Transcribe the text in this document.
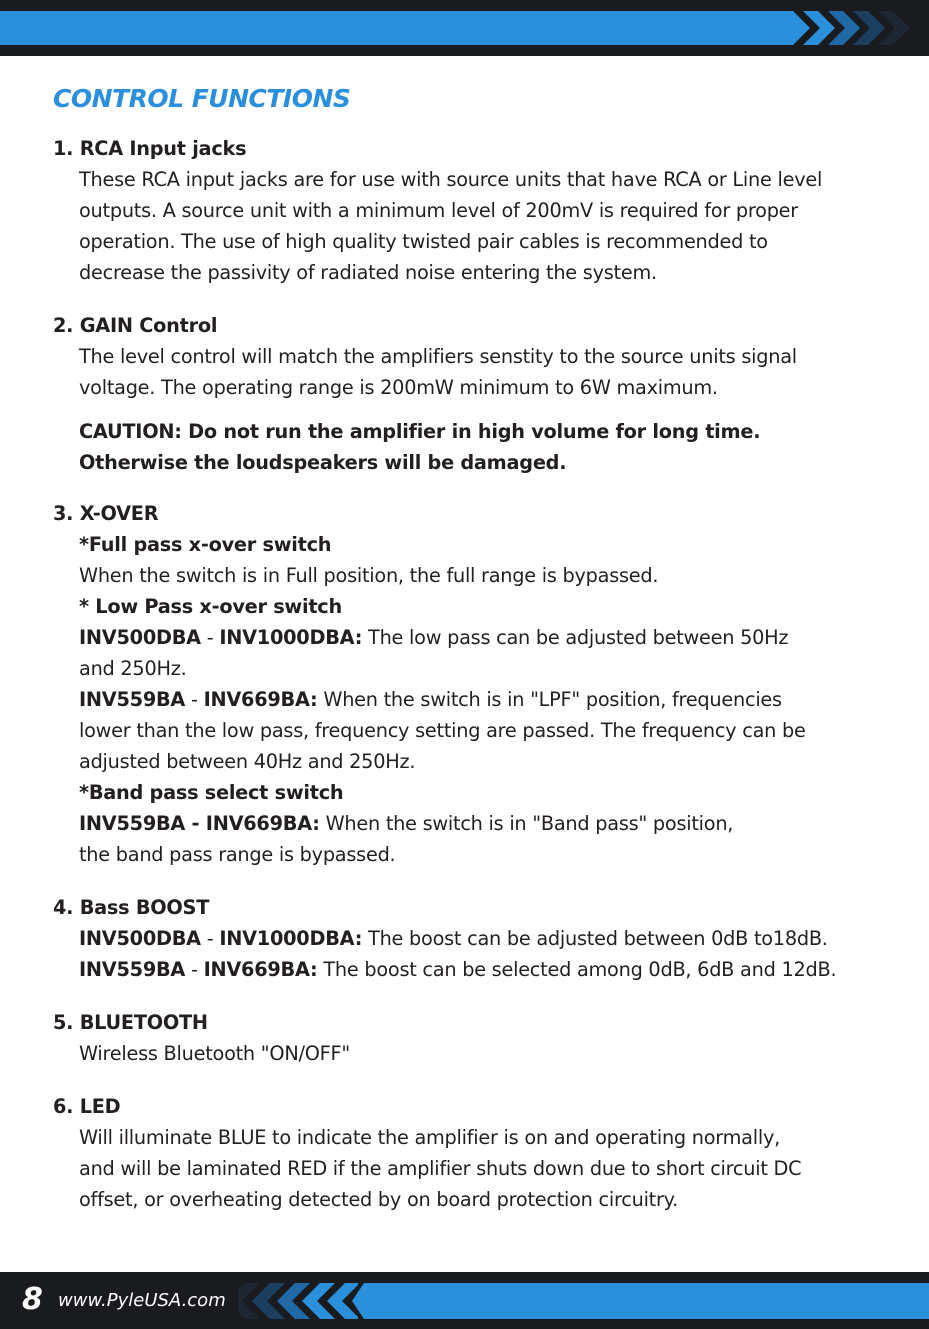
CONTROL FUNCTIONS
1. RCA Input jacks

These RCA input jacks are for use with source units that have RCA or Line level

outputs. A source unit with a minimum level of 200mV is required for proper

operation. The use of high quality twisted pair cables is recommended to

decrease the passivity of radiated noise entering the system.

2. GAIN Control

The level control will match the amplifiers senstity to the source units signal

voltage. The operating range is 200mW minimum to 6W maximum.

CAUTION: Do not run the amplifier in high volume for long time.

Otherwise the loudspeakers will be damaged.

3. X-OVER

*Full pass x-over switch

When the switch is in Full position, the full range is bypassed.

* Low Pass x-over switch

INV500DBA - INV1000DBA: The low pass can be adjusted between 50Hz

and 250Hz.

INV559BA - INV669BA: When the switch is in "LPF" position, frequencies

lower than the low pass, frequency setting are passed. The frequency can be

adjusted between 40Hz and 250Hz.

*Band pass select switch

INV559BA - INV669BA: When the switch is in "Band pass" position,

the band pass range is bypassed.

4. Bass BOOST

INV500DBA - INV1000DBA: The boost can be adjusted between 0dB to18dB.

INV559BA - INV669BA: The boost can be selected among 0dB, 6dB and 12dB.

5. BLUETOOTH

Wireless Bluetooth "ON/OFF"

6. LED

Will illuminate BLUE to indicate the amplifier is on and operating normally,

and will be laminated RED if the amplifier shuts down due to short circuit DC

offset, or overheating detected by on board protection circuitry.

8 www.PyleUSA.com
